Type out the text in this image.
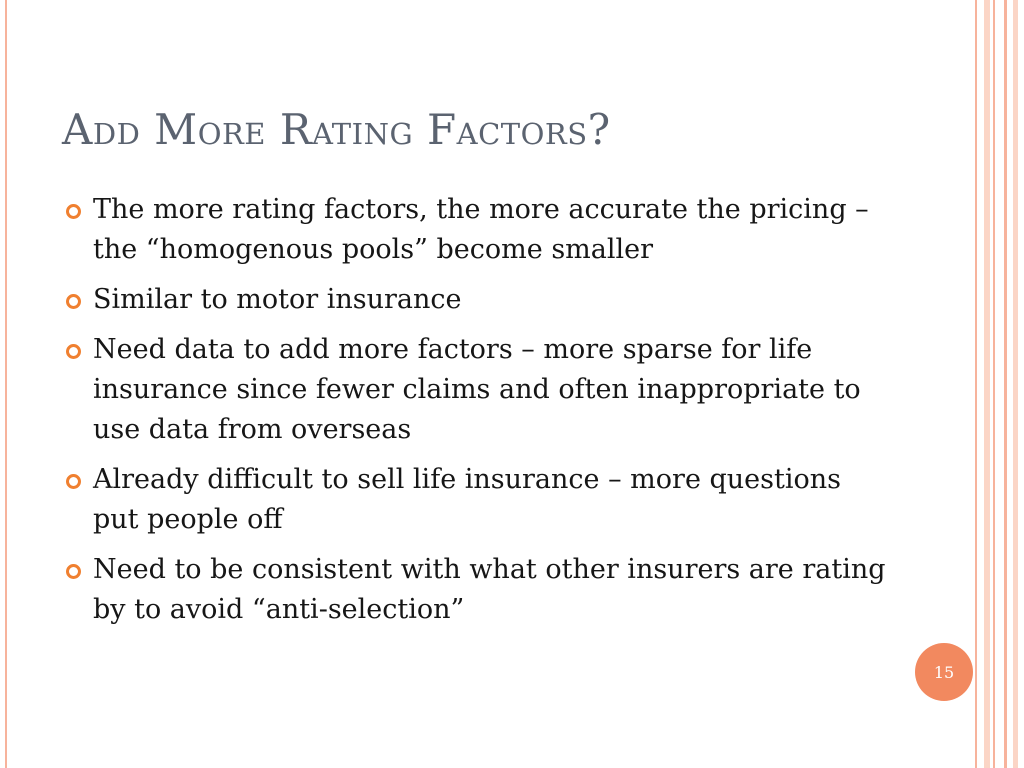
Add More Rating Factors?
The more rating factors, the more accurate the pricing – the “homogenous pools” become smaller
Similar to motor insurance
Need data to add more factors – more sparse for life insurance since fewer claims and often inappropriate to use data from overseas
Already difficult to sell life insurance – more questions put people off
Need to be consistent with what other insurers are rating by to avoid “anti-selection”
15
